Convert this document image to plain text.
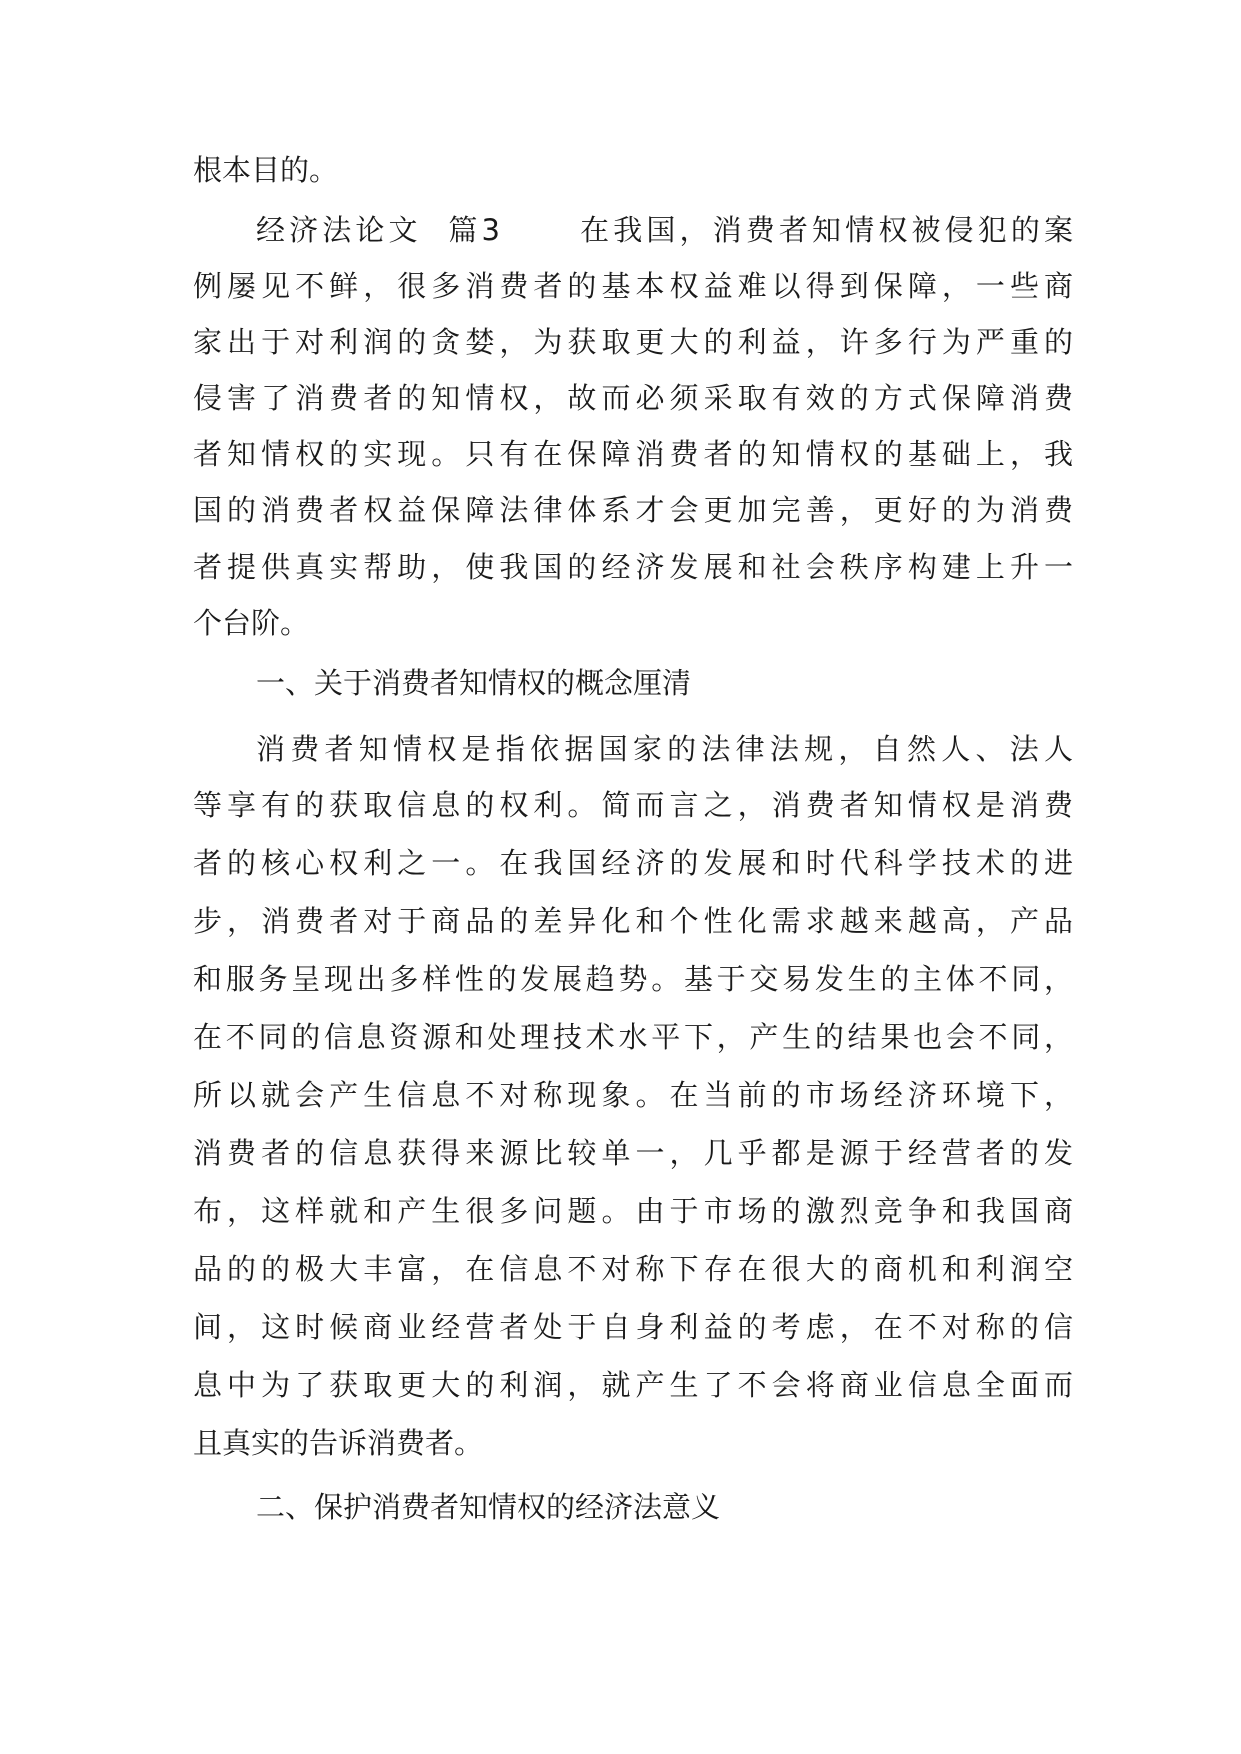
根本目的。
经济法论文  篇3      在我国，消费者知情权被侵犯的案
例屡见不鲜，很多消费者的基本权益难以得到保障，一些商
家出于对利润的贪婪，为获取更大的利益，许多行为严重的
侵害了消费者的知情权，故而必须采取有效的方式保障消费
者知情权的实现。只有在保障消费者的知情权的基础上，我
国的消费者权益保障法律体系才会更加完善，更好的为消费
者提供真实帮助，使我国的经济发展和社会秩序构建上升一
个台阶。
一、关于消费者知情权的概念厘清
消费者知情权是指依据国家的法律法规，自然人、法人
等享有的获取信息的权利。简而言之，消费者知情权是消费
者的核心权利之一。在我国经济的发展和时代科学技术的进
步，消费者对于商品的差异化和个性化需求越来越高，产品
和服务呈现出多样性的发展趋势。基于交易发生的主体不同，
在不同的信息资源和处理技术水平下，产生的结果也会不同，
所以就会产生信息不对称现象。在当前的市场经济环境下，
消费者的信息获得来源比较单一，几乎都是源于经营者的发
布，这样就和产生很多问题。由于市场的激烈竞争和我国商
品的的极大丰富，在信息不对称下存在很大的商机和利润空
间，这时候商业经营者处于自身利益的考虑，在不对称的信
息中为了获取更大的利润，就产生了不会将商业信息全面而
且真实的告诉消费者。
二、保护消费者知情权的经济法意义
